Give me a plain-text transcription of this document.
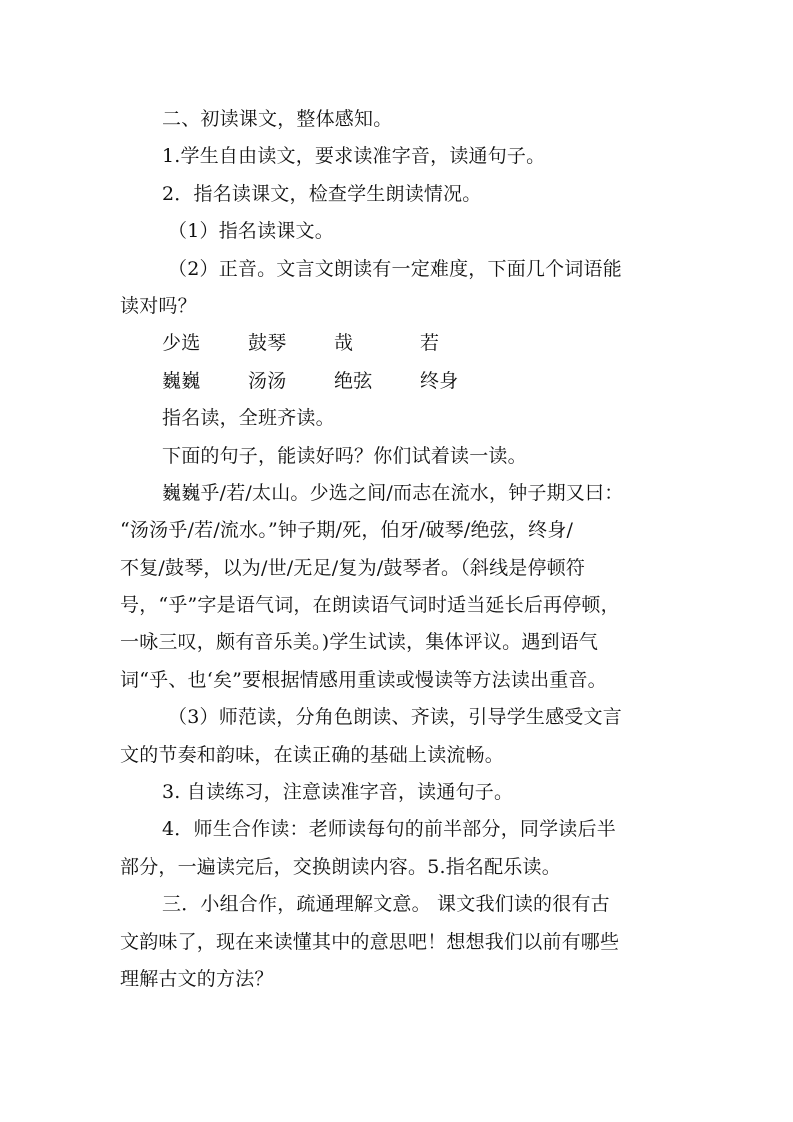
二、初读课文，整体感知。
1.学生自由读文，要求读准字音，读通句子。
2．指名读课文，检查学生朗读情况。
（1）指名读课文。
（2）正音。文言文朗读有一定难度，下面几个词语能
读对吗？
少选	鼓琴	哉	若
巍巍	汤汤	绝弦	终身
指名读，全班齐读。
下面的句子，能读好吗？你们试着读一读。
巍巍乎/若/太山。少选之间/而志在流水，钟子期又曰：
“汤汤乎/若/流水。”钟子期/死，伯牙/破琴/绝弦，终身/
不复/鼓琴，以为/世/无足/复为/鼓琴者。（斜线是停顿符
号，“乎”字是语气词，在朗读语气词时适当延长后再停顿，
一咏三叹，颇有音乐美。)学生试读，集体评议。遇到语气
词“乎、也‘矣”要根据情感用重读或慢读等方法读出重音。
（3）师范读，分角色朗读、齐读，引导学生感受文言
文的节奏和韵味，在读正确的基础上读流畅。
3. 自读练习，注意读准字音，读通句子。
4．师生合作读：老师读每句的前半部分，同学读后半
部分，一遍读完后，交换朗读内容。5.指名配乐读。
三．小组合作，疏通理解文意。 课文我们读的很有古
文韵味了，现在来读懂其中的意思吧！想想我们以前有哪些
理解古文的方法？
